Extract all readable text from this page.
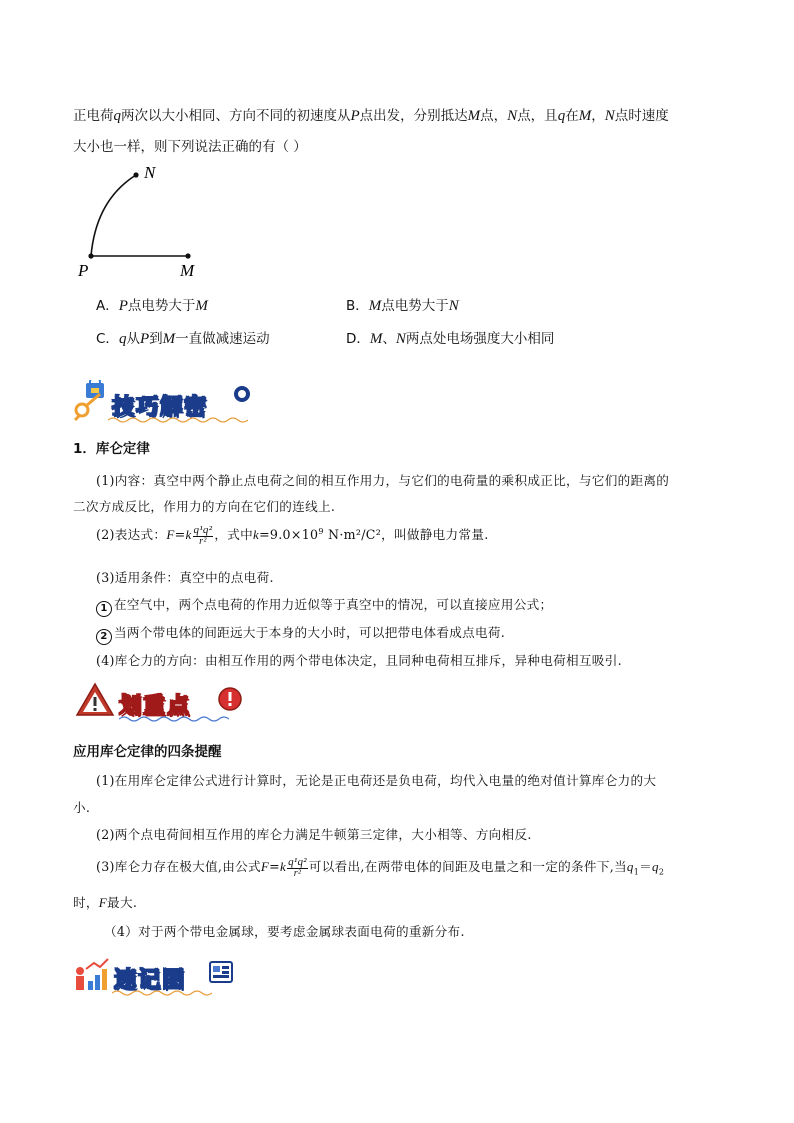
正电荷q两次以大小相同、方向不同的初速度从P点出发，分别抵达M点，N点，且q在M，N点时速度
大小也一样，则下列说法正确的有（ ）
N
P	M
A．P点电势大于M	B．M点电势大于N
C．q从P到M一直做减速运动	D．M、N两点处电场强度大小相同
技巧解密
1．库仑定律
(1)内容：真空中两个静止点电荷之间的相互作用力，与它们的电荷量的乘积成正比，与它们的距离的
二次方成反比，作用力的方向在它们的连线上.
(2)表达式：$F=k \frac{\text{q¹q²}}{\text{r²}}$ ，式中$k=9.0\times 10^9$ N·m²/C²，叫做静电力常量.
(3)适用条件：真空中的点电荷.
1 在空气中，两个点电荷的作用力近似等于真空中的情况，可以直接应用公式；
2 当两个带电体的间距远大于本身的大小时，可以把带电体看成点电荷.
(4)库仑力的方向：由相互作用的两个带电体决定，且同种电荷相互排斥，异种电荷相互吸引.
划重点
应用库仑定律的四条提醒
(1)在用库仑定律公式进行计算时，无论是正电荷还是负电荷，均代入电量的绝对值计算库仑力的大
小.
(2)两个点电荷间相互作用的库仑力满足牛顿第三定律，大小相等、方向相反.
(3)库仑力存在极大值,由公式$F=k \frac{\text{q¹q²}}{\text{r²}}$ 可以看出,在两带电体的间距及电量之和一定的条件下,当$q_1=q_2$
时，F最大.
（4）对于两个带电金属球，要考虑金属球表面电荷的重新分布.
速记图
